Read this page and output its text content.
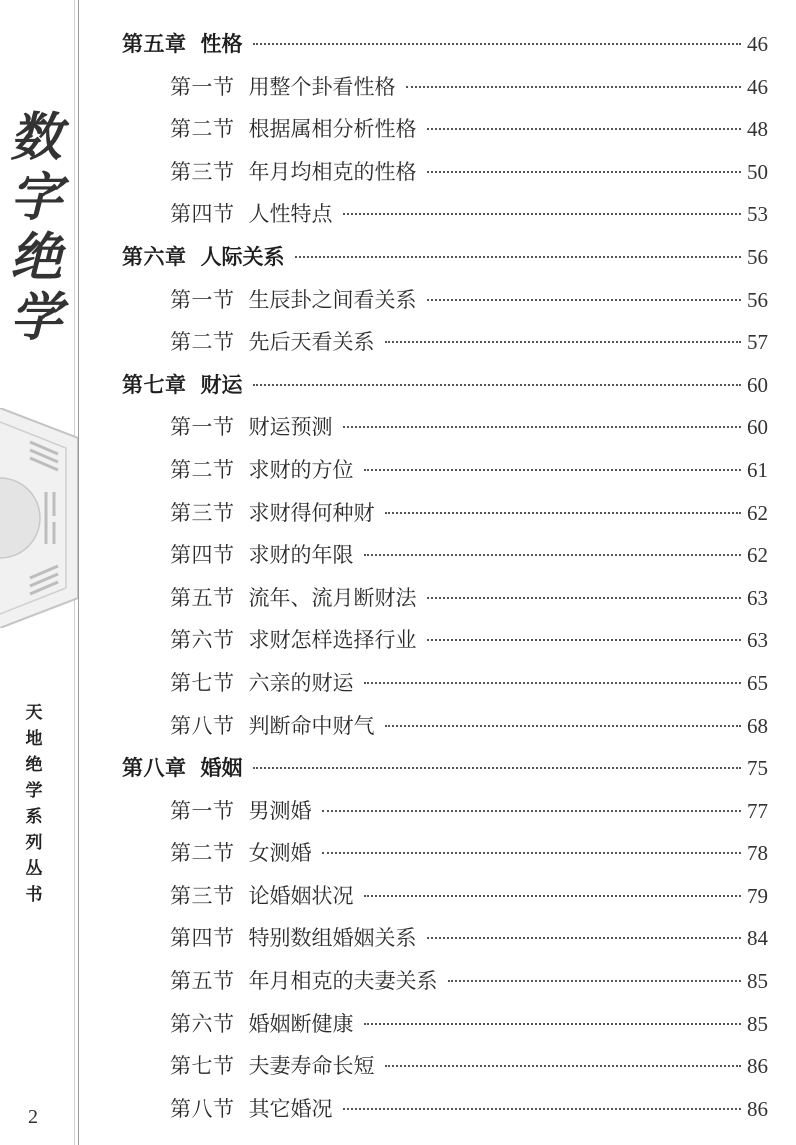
数
字
绝
学
天
地
绝
学
系
列
丛
书
2
第五章 性格	46
第一节 用整个卦看性格	46
第二节 根据属相分析性格	48
第三节 年月均相克的性格	50
第四节 人性特点	53
第六章 人际关系	56
第一节 生辰卦之间看关系	56
第二节 先后天看关系	57
第七章 财运	60
第一节 财运预测	60
第二节 求财的方位	61
第三节 求财得何种财	62
第四节 求财的年限	62
第五节 流年、流月断财法	63
第六节 求财怎样选择行业	63
第七节 六亲的财运	65
第八节 判断命中财气	68
第八章 婚姻	75
第一节 男测婚	77
第二节 女测婚	78
第三节 论婚姻状况	79
第四节 特别数组婚姻关系	84
第五节 年月相克的夫妻关系	85
第六节 婚姻断健康	85
第七节 夫妻寿命长短	86
第八节 其它婚况	86
